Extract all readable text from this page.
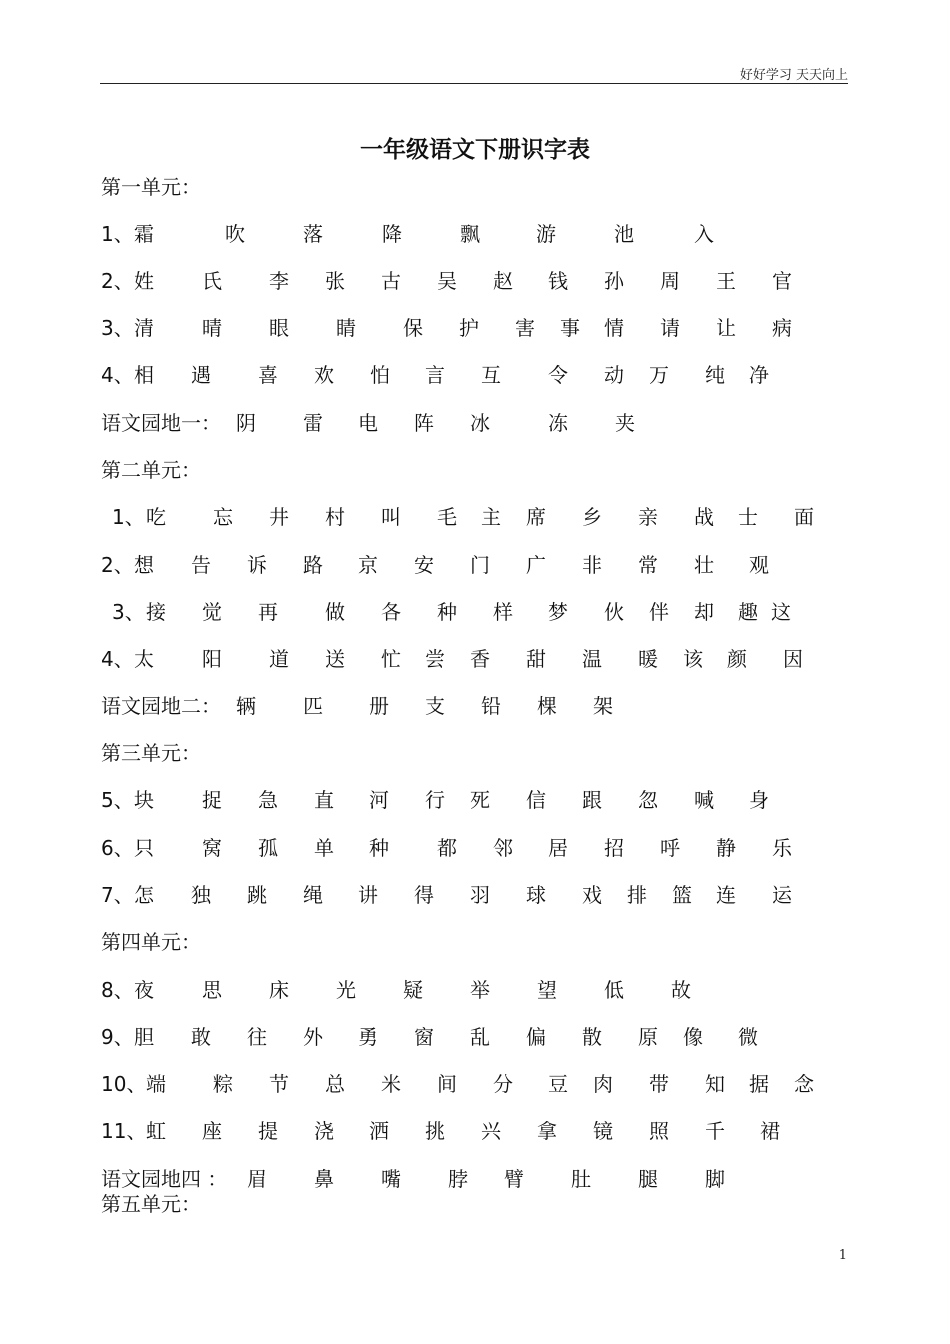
好好学习 天天向上
一年级语文下册识字表
第一单元：
1、 霜	吹	落	降	飘	游	池	入
2、 姓 氏 李 张 古 吴 赵 钱 孙 周 王 官
3、 清 晴 眼 睛 保 护 害 事 情 请 让 病
4、 相 遇 喜 欢 怕 言 互 令 动 万 纯 净
语文园地一： 阴 雷 电 阵 冰	冻 夹
第二单元：
1、 吃 忘 井 村 叫 毛 主 席 乡 亲 战 士 面
2、 想 告 诉 路 京 安 门 广 非 常 壮 观
3、 接 觉 再 做 各 种 样 梦 伙 伴 却 趣 这
4、 太 阳 道 送 忙 尝 香 甜 温 暖 该 颜 因
语文园地二： 辆 匹 册 支 铅 棵 架
第三单元：
5、 块 捉 急 直 河 行 死 信 跟 忽 喊 身
6、 只 窝 孤 单 种 都 邻 居 招 呼 静 乐
7、 怎 独 跳 绳 讲 得 羽 球 戏 排 篮 连 运
第四单元：
8、 夜 思 床 光 疑 举 望 低 故
9、 胆 敢 往 外 勇 窗 乱 偏 散 原 像 微
10、 端 粽 节 总 米 间 分 豆 肉 带 知 据 念
11、 虹 座 提 浇 洒 挑 兴 拿 镜 照 千 裙
语文园地四 ： 眉 鼻 嘴 脖 臂 肚 腿 脚
第五单元：
1
